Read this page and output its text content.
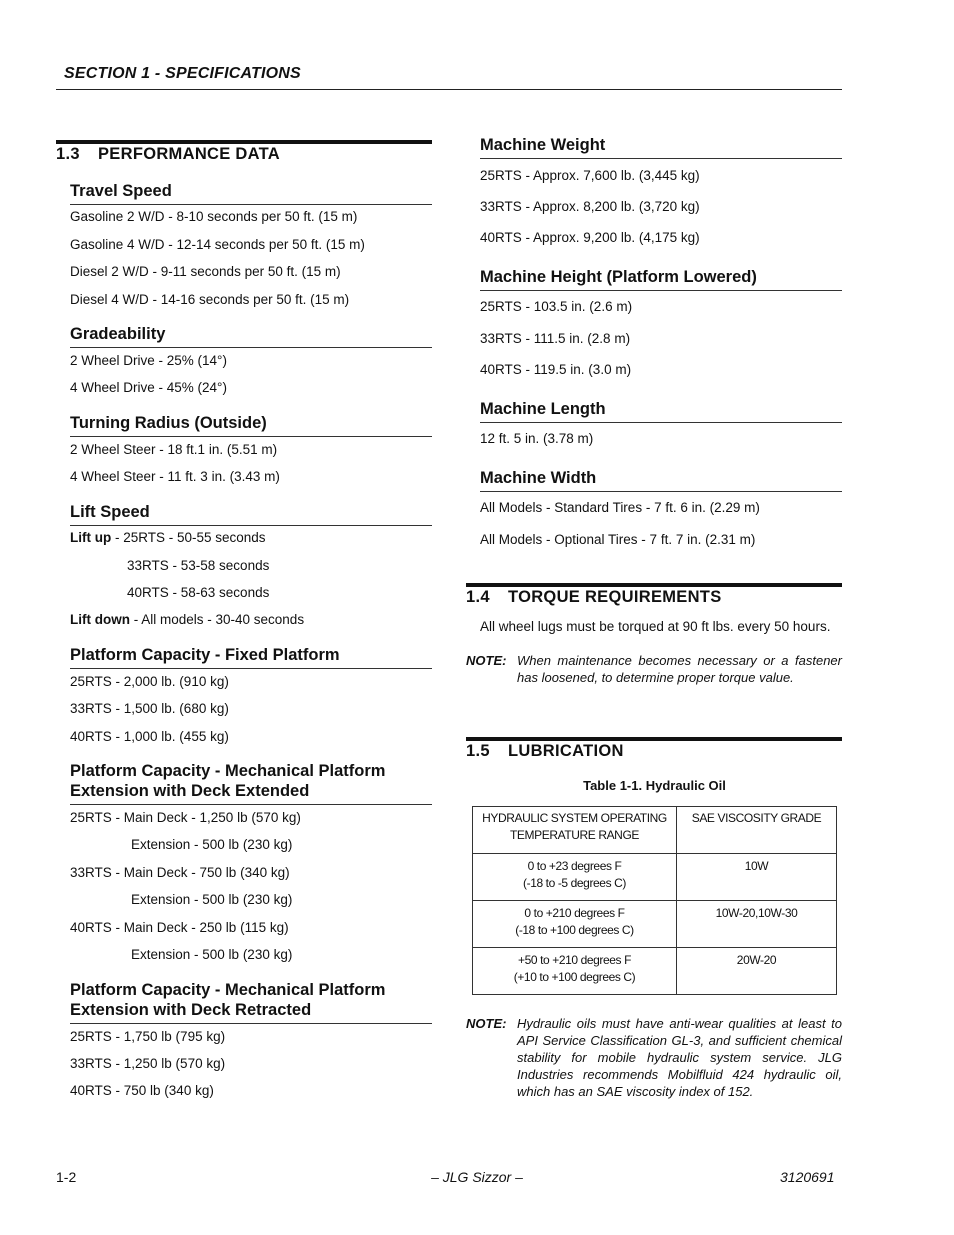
SECTION 1 - SPECIFICATIONS
1.3 PERFORMANCE DATA
Travel Speed
Gasoline 2 W/D - 8-10 seconds per 50 ft. (15 m)
Gasoline 4 W/D - 12-14 seconds per 50 ft. (15 m)
Diesel 2 W/D - 9-11 seconds per 50 ft. (15 m)
Diesel 4 W/D - 14-16 seconds per 50 ft. (15 m)
Gradeability
2 Wheel Drive - 25% (14°)
4 Wheel Drive - 45% (24°)
Turning Radius (Outside)
2 Wheel Steer - 18 ft.1 in. (5.51 m)
4 Wheel Steer - 11 ft. 3 in. (3.43 m)
Lift Speed
Lift up - 25RTS - 50-55 seconds
33RTS - 53-58 seconds
40RTS - 58-63 seconds
Lift down - All models - 30-40 seconds
Platform Capacity - Fixed Platform
25RTS - 2,000 lb. (910 kg)
33RTS - 1,500 lb. (680 kg)
40RTS - 1,000 lb. (455 kg)
Platform Capacity - Mechanical Platform
Extension with Deck Extended
25RTS - Main Deck - 1,250 lb (570 kg)
Extension - 500 lb (230 kg)
33RTS - Main Deck - 750 lb (340 kg)
Extension - 500 lb (230 kg)
40RTS - Main Deck - 250 lb (115 kg)
Extension - 500 lb (230 kg)
Platform Capacity - Mechanical Platform
Extension with Deck Retracted
25RTS - 1,750 lb (795 kg)
33RTS - 1,250 lb (570 kg)
40RTS - 750 lb (340 kg)
Machine Weight
25RTS - Approx. 7,600 lb. (3,445 kg)
33RTS - Approx. 8,200 lb. (3,720 kg)
40RTS - Approx. 9,200 lb. (4,175 kg)
Machine Height (Platform Lowered)
25RTS - 103.5 in. (2.6 m)
33RTS - 111.5 in. (2.8 m)
40RTS - 119.5 in. (3.0 m)
Machine Length
12 ft. 5 in. (3.78 m)
Machine Width
All Models - Standard Tires - 7 ft. 6 in. (2.29 m)
All Models - Optional Tires - 7 ft. 7 in. (2.31 m)
1.4 TORQUE REQUIREMENTS
All wheel lugs must be torqued at 90 ft lbs. every 50 hours.
NOTE: When maintenance becomes necessary or a fastener has loosened, to determine proper torque value.
1.5 LUBRICATION
Table 1-1. Hydraulic Oil
HYDRAULIC SYSTEM OPERATING
TEMPERATURE RANGE	SAE VISCOSITY GRADE

0 to +23 degrees F
(-18 to -5 degrees C)	10W

0 to +210 degrees F
(-18 to +100 degrees C)	10W-20,10W-30

+50 to +210 degrees F
(+10 to +100 degrees C)	20W-20
NOTE: Hydraulic oils must have anti-wear qualities at least to API Service Classification GL-3, and sufficient chemical stability for mobile hydraulic system service. JLG Industries recommends Mobilfluid 424 hydraulic oil, which has an SAE viscosity index of 152.
1-2	– JLG Sizzor –	3120691
